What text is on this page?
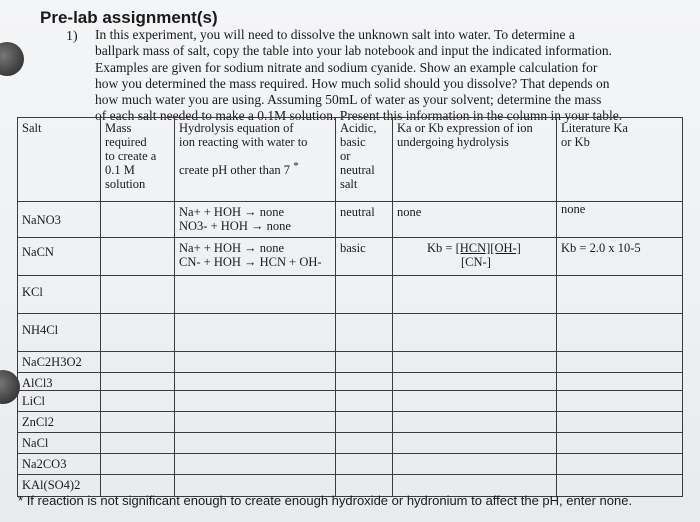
Pre-lab assignment(s)
1) In this experiment, you will need to dissolve the unknown salt into water. To determine a
ballpark mass of salt, copy the table into your lab notebook and input the indicated information.
Examples are given for sodium nitrate and sodium cyanide. Show an example calculation for
how you determined the mass required. How much solid should you dissolve? That depends on
how much water you are using. Assuming 50mL of water as your solvent; determine the mass
of each salt needed to make a 0.1M solution. Present this information in the column in your table.
Salt	Mass
required
to create a
0.1 M
solution	Hydrolysis equation of
ion reacting with water to
create pH other than 7 *	Acidic,
basic
or
neutral
salt	Ka or Kb expression of ion
undergoing hydrolysis	Literature Ka
or Kb

NaNO3		Na+ + HOH → none
NO3- + HOH → none	neutral	none	none

NaCN		Na+ + HOH → none
CN- + HOH → HCN + OH-	basic	Kb = [HCN][OH-]
[CN-]	Kb = 2.0 x 10-5

KCl					

NH4Cl					

NaC2H3O2					

AlCl3					

LiCl					

ZnCl2					

NaCl					

Na2CO3					

KAl(SO4)2					

* If reaction is not significant enough to create enough hydroxide or hydronium to affect the pH, enter none.
